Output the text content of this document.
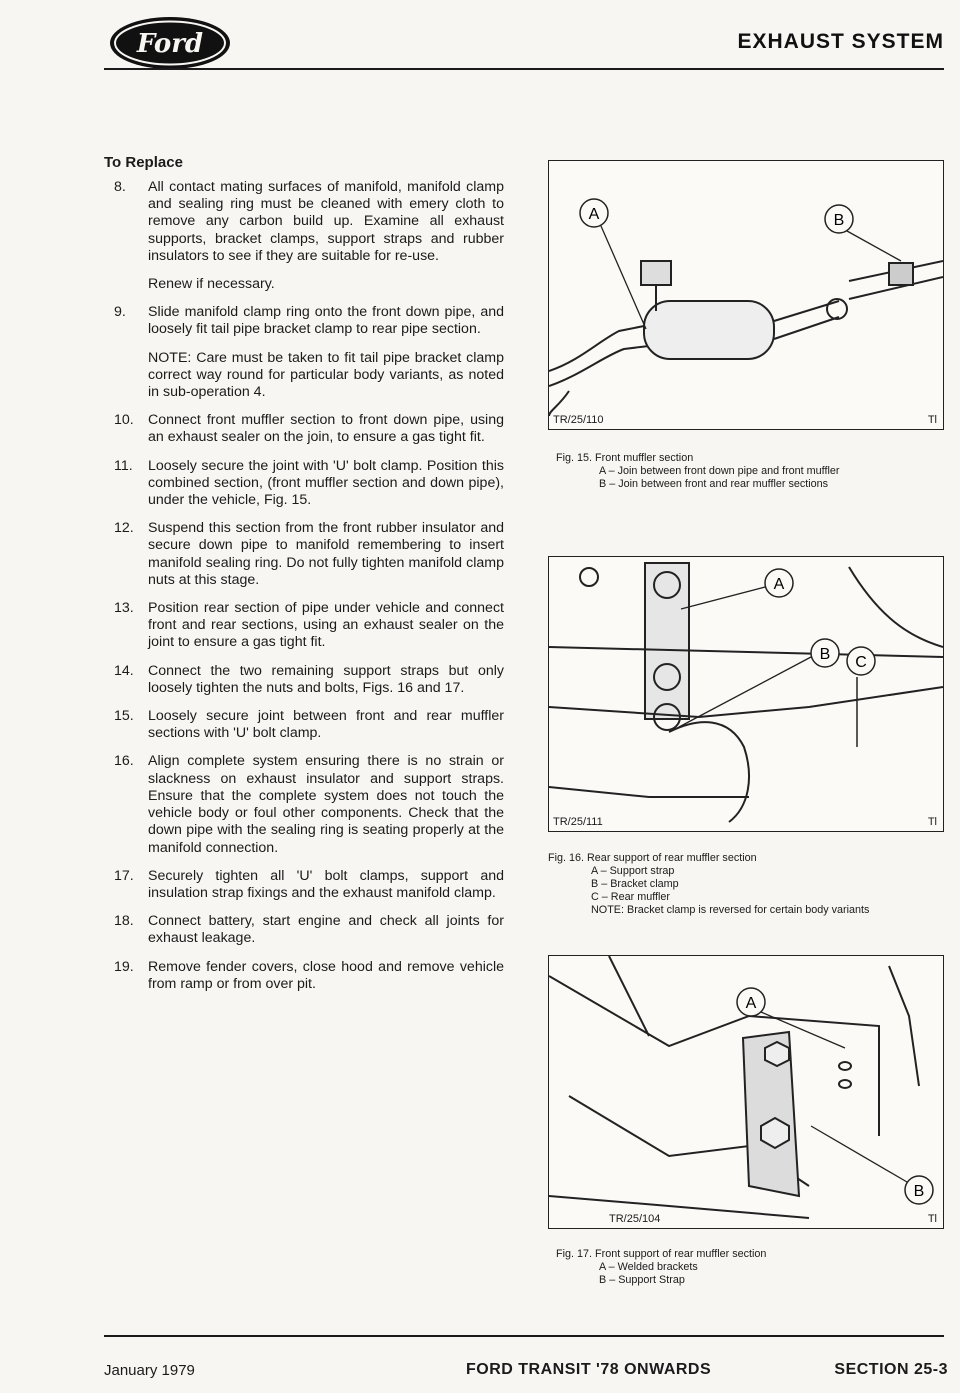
Ford	EXHAUST SYSTEM
To Replace
8.	All contact mating surfaces of manifold, manifold clamp and sealing ring must be cleaned with emery cloth to remove any carbon build up. Examine all exhaust supports, bracket clamps, support straps and rubber insulators to see if they are suitable for re-use.

Renew if necessary.

9.	Slide manifold clamp ring onto the front down pipe, and loosely fit tail pipe bracket clamp to rear pipe section.

NOTE: Care must be taken to fit tail pipe bracket clamp correct way round for particular body variants, as noted in sub-operation 4.

10.	Connect front muffler section to front down pipe, using an exhaust sealer on the join, to ensure a gas tight fit.

11.	Loosely secure the joint with 'U' bolt clamp. Position this combined section, (front muffler section and down pipe), under the vehicle, Fig. 15.

12.	Suspend this section from the front rubber insulator and secure down pipe to manifold remembering to insert manifold sealing ring. Do not fully tighten manifold clamp nuts at this stage.

13.	Position rear section of pipe under vehicle and connect front and rear sections, using an exhaust sealer on the joint to ensure a gas tight fit.

14.	Connect the two remaining support straps but only loosely tighten the nuts and bolts, Figs. 16 and 17.

15.	Loosely secure joint between front and rear muffler sections with 'U' bolt clamp.

16.	Align complete system ensuring there is no strain or slackness on exhaust insulator and support straps. Ensure that the complete system does not touch the vehicle body or foul other components. Check that the down pipe with the sealing ring is seating properly at the manifold connection.

17.	Securely tighten all 'U' bolt clamps, support and insulation strap fixings and the exhaust manifold clamp.

18.	Connect battery, start engine and check all joints for exhaust leakage.

19.	Remove fender covers, close hood and remove vehicle from ramp or from over pit.

A	B
TR/25/110	Tl

Fig. 15. Front muffler section

A – Join between front down pipe and front muffler

B – Join between front and rear muffler sections

A
B C
TR/25/111	Tl

Fig. 16. Rear support of rear muffler section

A – Support strap

B – Bracket clamp

C – Rear muffler

NOTE: Bracket clamp is reversed for certain body variants

A
B
TR/25/104	Tl

Fig. 17. Front support of rear muffler section

A – Welded brackets

B – Support Strap

January 1979	FORD TRANSIT '78 ONWARDS	SECTION 25-3
